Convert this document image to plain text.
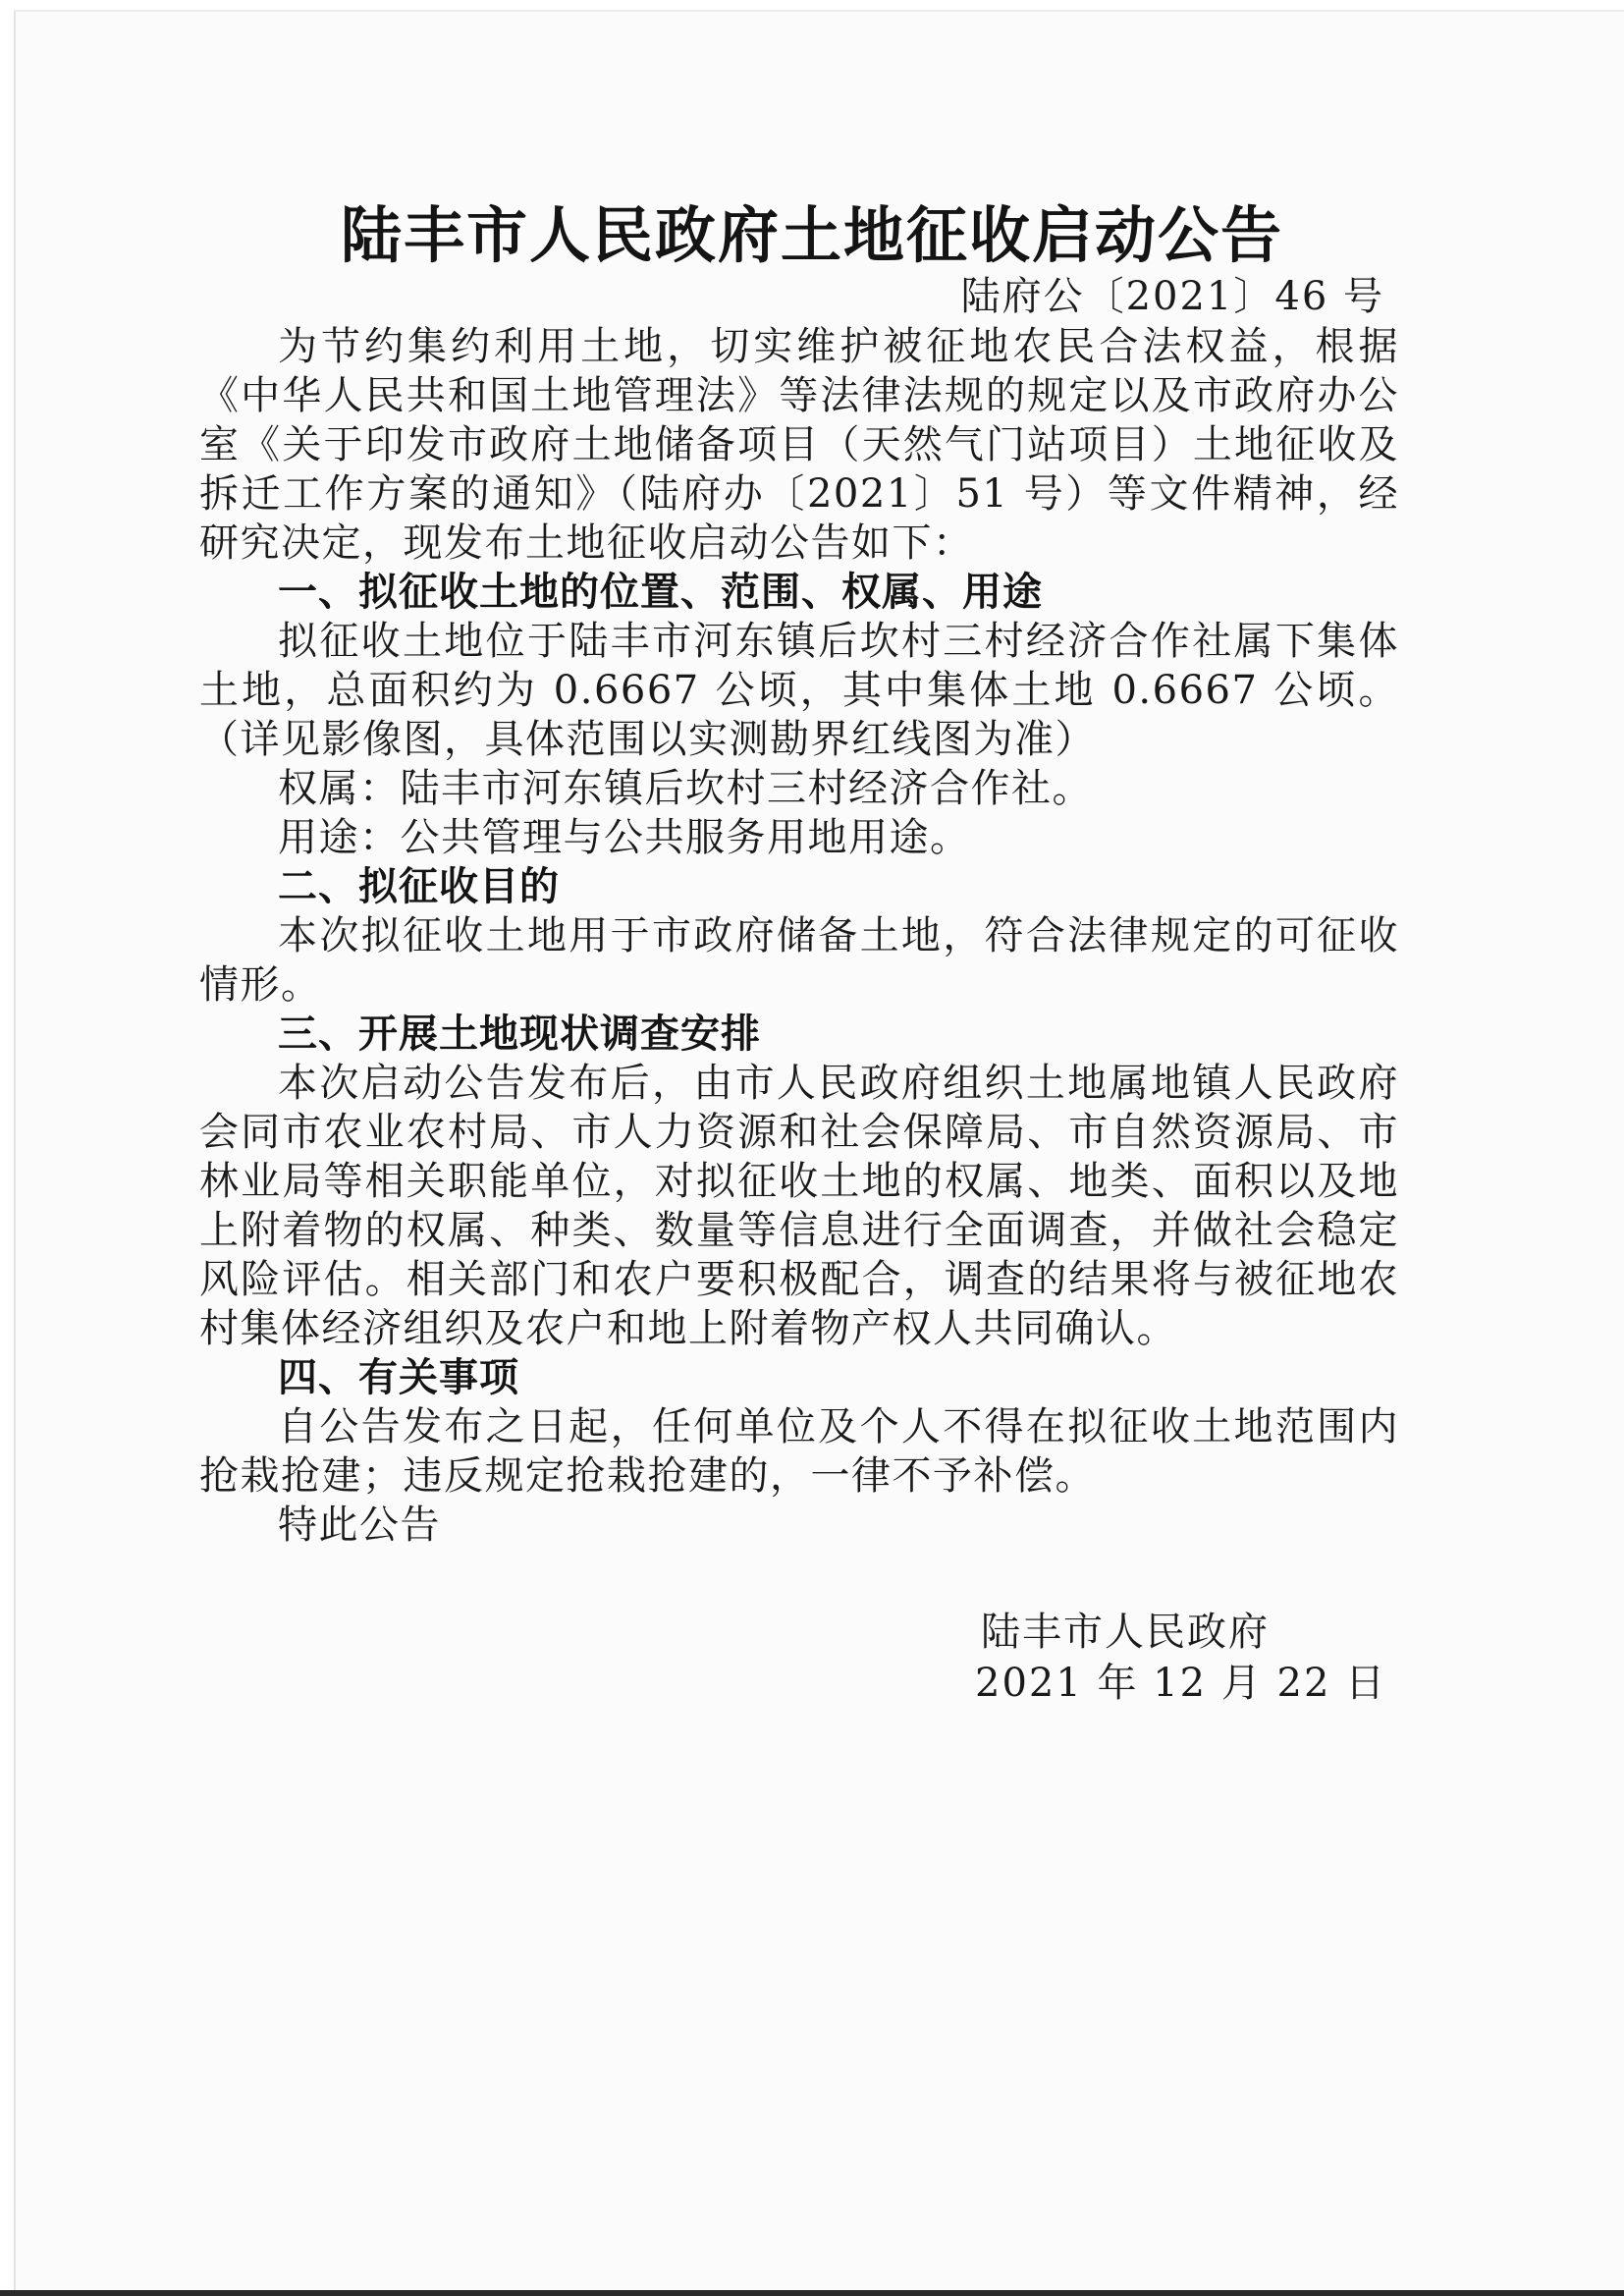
陆丰市人民政府土地征收启动公告
陆府公〔2021〕46 号

为节约集约利用土地，切实维护被征地农民合法权益，根据《中华人民共和国土地管理法》等法律法规的规定以及市政府办公室《关于印发市政府土地储备项目（天然气门站项目）土地征收及拆迁工作方案的通知》（陆府办〔2021〕51 号）等文件精神，经研究决定，现发布土地征收启动公告如下：

一、拟征收土地的位置、范围、权属、用途

拟征收土地位于陆丰市河东镇后坎村三村经济合作社属下集体土地，总面积约为 0.6667 公顷，其中集体土地 0.6667 公顷。（详见影像图，具体范围以实测勘界红线图为准）

权属：陆丰市河东镇后坎村三村经济合作社。

用途：公共管理与公共服务用地用途。

二、拟征收目的

本次拟征收土地用于市政府储备土地，符合法律规定的可征收情形。

三、开展土地现状调查安排

本次启动公告发布后，由市人民政府组织土地属地镇人民政府会同市农业农村局、市人力资源和社会保障局、市自然资源局、市林业局等相关职能单位，对拟征收土地的权属、地类、面积以及地上附着物的权属、种类、数量等信息进行全面调查，并做社会稳定风险评估。相关部门和农户要积极配合，调查的结果将与被征地农村集体经济组织及农户和地上附着物产权人共同确认。

四、有关事项

自公告发布之日起，任何单位及个人不得在拟征收土地范围内抢栽抢建；违反规定抢栽抢建的，一律不予补偿。

特此公告

陆丰市人民政府
2021 年 12 月 22 日
